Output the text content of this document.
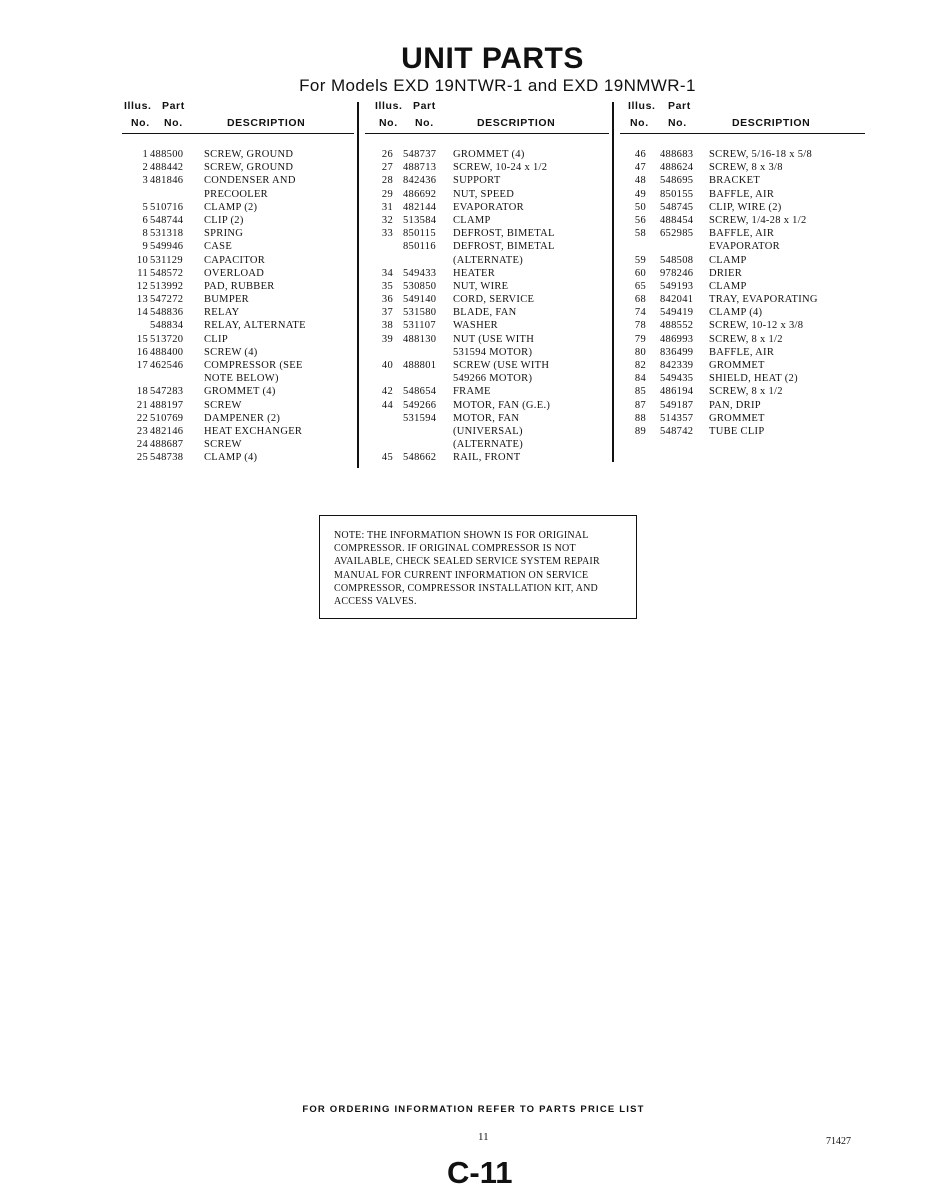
UNIT PARTS
For Models EXD 19NTWR-1 and EXD 19NMWR-1
Illus. Part
No. No.	DESCRIPTION
1 488500 SCREW, GROUND
2 488442 SCREW, GROUND
3 481846 CONDENSER AND
PRECOOLER
5 510716 CLAMP (2)
6 548744 CLIP (2)
8 531318 SPRING
9 549946 CASE
10 531129 CAPACITOR
11 548572 OVERLOAD
12 513992 PAD, RUBBER
13 547272 BUMPER
14 548836 RELAY
548834 RELAY, ALTERNATE
15 513720 CLIP
16 488400 SCREW (4)
17 462546 COMPRESSOR (SEE
NOTE BELOW)
18 547283 GROMMET (4)
21 488197 SCREW
22 510769 DAMPENER (2)
23 482146 HEAT EXCHANGER
24 488687 SCREW
25 548738 CLAMP (4)
Illus. Part
No. No.	DESCRIPTION
26 548737 GROMMET (4)
27 488713 SCREW, 10-24 x 1/2
28 842436 SUPPORT
29 486692 NUT, SPEED
31 482144 EVAPORATOR
32 513584 CLAMP
33 850115 DEFROST, BIMETAL
850116 DEFROST, BIMETAL
(ALTERNATE)
34 549433 HEATER
35 530850 NUT, WIRE
36 549140 CORD, SERVICE
37 531580 BLADE, FAN
38 531107 WASHER
39 488130 NUT (USE WITH
531594 MOTOR)
40 488801 SCREW (USE WITH
549266 MOTOR)
42 548654 FRAME
44 549266 MOTOR, FAN (G.E.)
531594 MOTOR, FAN
(UNIVERSAL)
(ALTERNATE)
45 548662 RAIL, FRONT
Illus. Part
No. No.	DESCRIPTION
46 488683 SCREW, 5/16-18 x 5/8
47 488624 SCREW, 8 x 3/8
48 548695 BRACKET
49 850155 BAFFLE, AIR
50 548745 CLIP, WIRE (2)
56 488454 SCREW, 1/4-28 x 1/2
58 652985 BAFFLE, AIR
EVAPORATOR
59 548508 CLAMP
60 978246 DRIER
65 549193 CLAMP
68 842041 TRAY, EVAPORATING
74 549419 CLAMP (4)
78 488552 SCREW, 10-12 x 3/8
79 486993 SCREW, 8 x 1/2
80 836499 BAFFLE, AIR
82 842339 GROMMET
84 549435 SHIELD, HEAT (2)
85 486194 SCREW, 8 x 1/2
87 549187 PAN, DRIP
88 514357 GROMMET
89 548742 TUBE CLIP
NOTE: THE INFORMATION SHOWN IS FOR ORIGINAL
COMPRESSOR. IF ORIGINAL COMPRESSOR IS NOT
AVAILABLE, CHECK SEALED SERVICE SYSTEM REPAIR
MANUAL FOR CURRENT INFORMATION ON SERVICE
COMPRESSOR, COMPRESSOR INSTALLATION KIT, AND
ACCESS VALVES.
FOR ORDERING INFORMATION REFER TO PARTS PRICE LIST
11	71427
C-11
